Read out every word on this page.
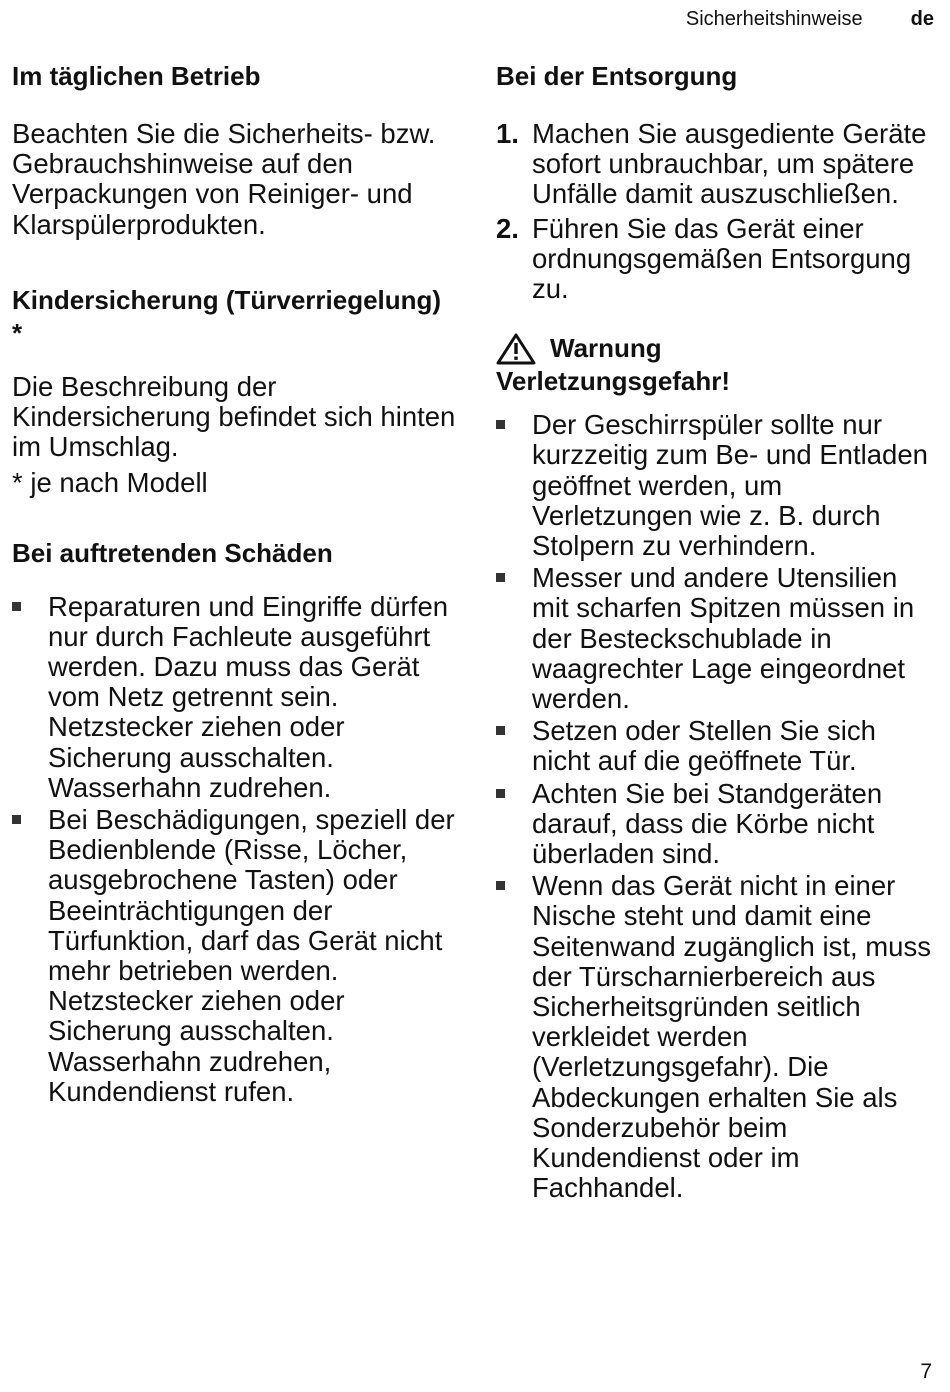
Sicherheitshinweise de
Im täglichen Betrieb

Beachten Sie die Sicherheits- bzw. Gebrauchshinweise auf den Verpackungen von Reiniger- und Klarspülerprodukten.

Kindersicherung (Türverriegelung) *

Die Beschreibung der Kindersicherung befindet sich hinten im Umschlag.

* je nach Modell

Bei auftretenden Schäden
Reparaturen und Eingriffe dürfen nur durch Fachleute ausgeführt werden. Dazu muss das Gerät vom Netz getrennt sein. Netzstecker ziehen oder Sicherung ausschalten. Wasserhahn zudrehen.
Bei Beschädigungen, speziell der Bedienblende (Risse, Löcher, ausgebrochene Tasten) oder Beeinträchtigungen der Türfunktion, darf das Gerät nicht mehr betrieben werden. Netzstecker ziehen oder Sicherung ausschalten. Wasserhahn zudrehen, Kundendienst rufen.
Bei der Entsorgung
1. Machen Sie ausgediente Geräte sofort unbrauchbar, um spätere Unfälle damit auszuschließen.
2. Führen Sie das Gerät einer ordnungsgemäßen Entsorgung zu.
Warnung
Verletzungsgefahr!
Der Geschirrspüler sollte nur kurzzeitig zum Be- und Entladen geöffnet werden, um Verletzungen wie z. B. durch Stolpern zu verhindern.
Messer und andere Utensilien mit scharfen Spitzen müssen in der Besteckschublade in waagrechter Lage eingeordnet werden.
Setzen oder Stellen Sie sich nicht auf die geöffnete Tür.
Achten Sie bei Standgeräten darauf, dass die Körbe nicht überladen sind.
Wenn das Gerät nicht in einer Nische steht und damit eine Seitenwand zugänglich ist, muss der Türscharnierbereich aus Sicherheitsgründen seitlich verkleidet werden (Verletzungsgefahr). Die Abdeckungen erhalten Sie als Sonderzubehör beim Kundendienst oder im Fachhandel.
7
